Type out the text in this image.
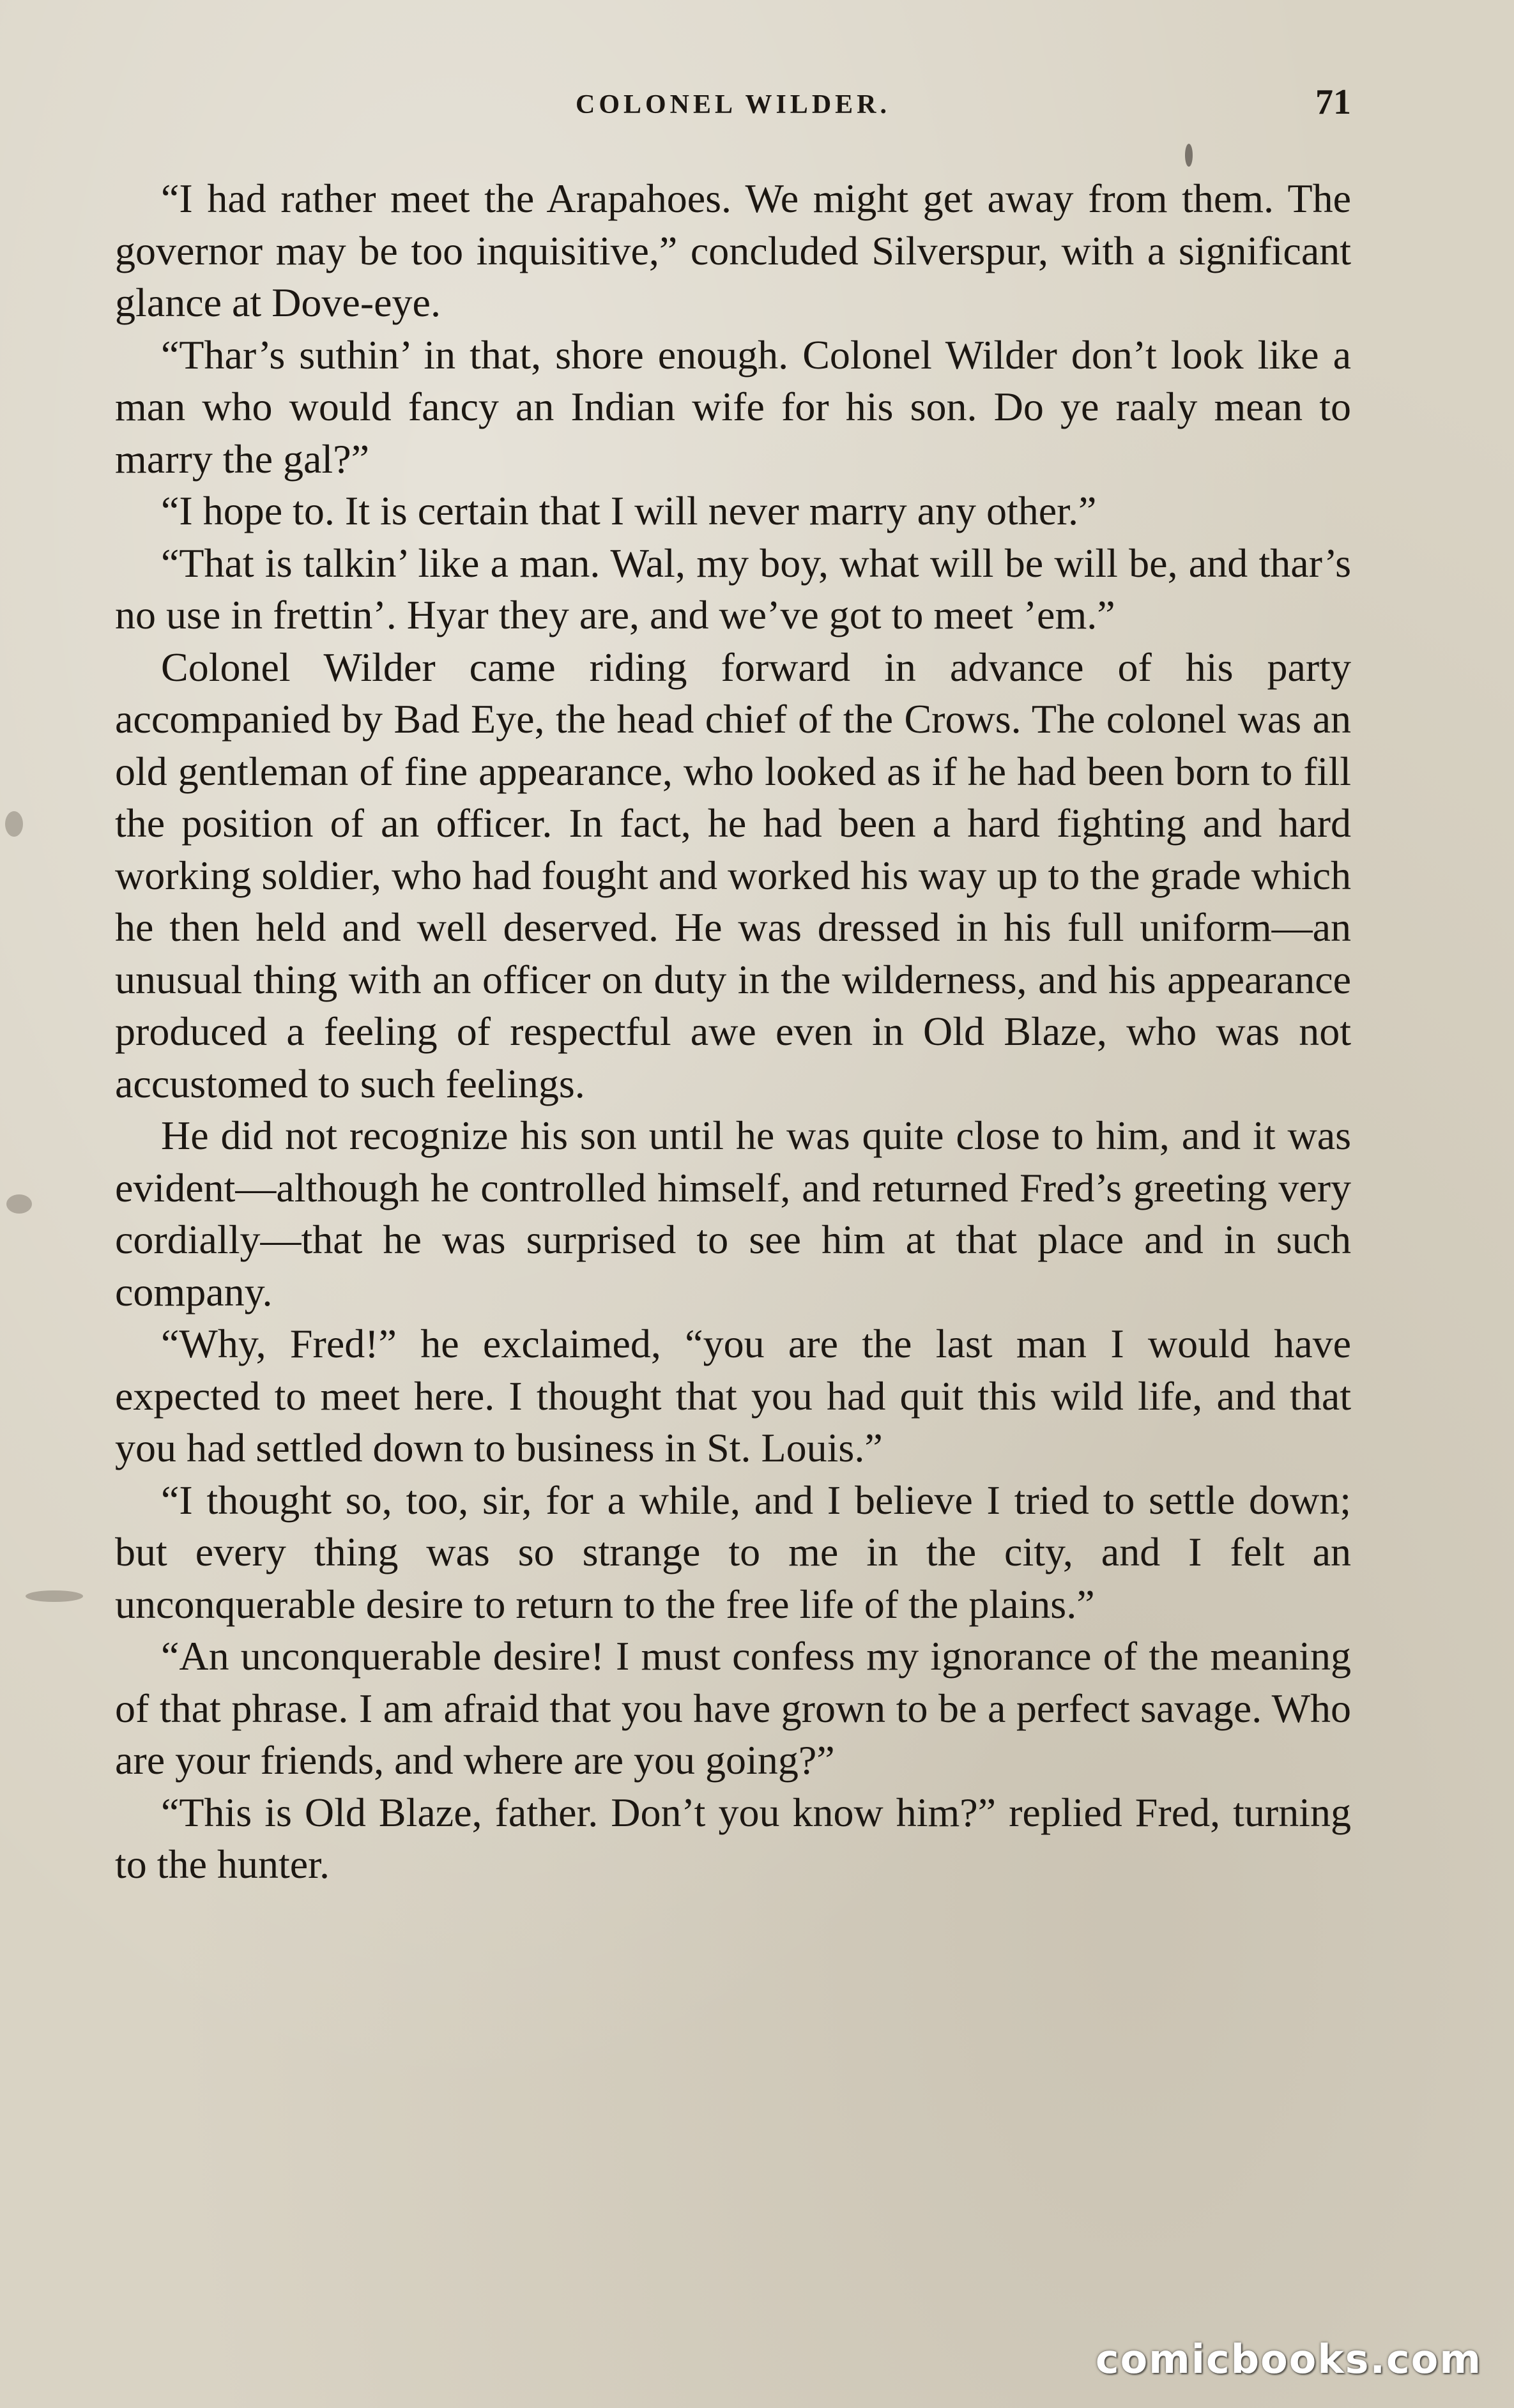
COLONEL WILDER.	71

“I had rather meet the Arapahoes. We might get away from them. The governor may be too inquisitive,” concluded Silverspur, with a significant glance at Dove-eye.

“Thar’s suthin’ in that, shore enough. Colonel Wilder don’t look like a man who would fancy an Indian wife for his son. Do ye raaly mean to marry the gal?”

“I hope to. It is certain that I will never marry any other.”

“That is talkin’ like a man. Wal, my boy, what will be will be, and thar’s no use in frettin’. Hyar they are, and we’ve got to meet ’em.”

Colonel Wilder came riding forward in advance of his party accompanied by Bad Eye, the head chief of the Crows. The colonel was an old gentleman of fine appearance, who looked as if he had been born to fill the position of an officer. In fact, he had been a hard fighting and hard working soldier, who had fought and worked his way up to the grade which he then held and well deserved. He was dressed in his full uniform—an unusual thing with an officer on duty in the wilderness, and his appearance produced a feeling of respectful awe even in Old Blaze, who was not accustomed to such feelings.

He did not recognize his son until he was quite close to him, and it was evident—although he controlled himself, and returned Fred’s greeting very cordially—that he was surprised to see him at that place and in such company.

“Why, Fred!” he exclaimed, “you are the last man I would have expected to meet here. I thought that you had quit this wild life, and that you had settled down to business in St. Louis.”

“I thought so, too, sir, for a while, and I believe I tried to settle down; but every thing was so strange to me in the city, and I felt an unconquerable desire to return to the free life of the plains.”

“An unconquerable desire! I must confess my ignorance of the meaning of that phrase. I am afraid that you have grown to be a perfect savage. Who are your friends, and where are you going?”

“This is Old Blaze, father. Don’t you know him?” replied Fred, turning to the hunter.

comicbooks.com
